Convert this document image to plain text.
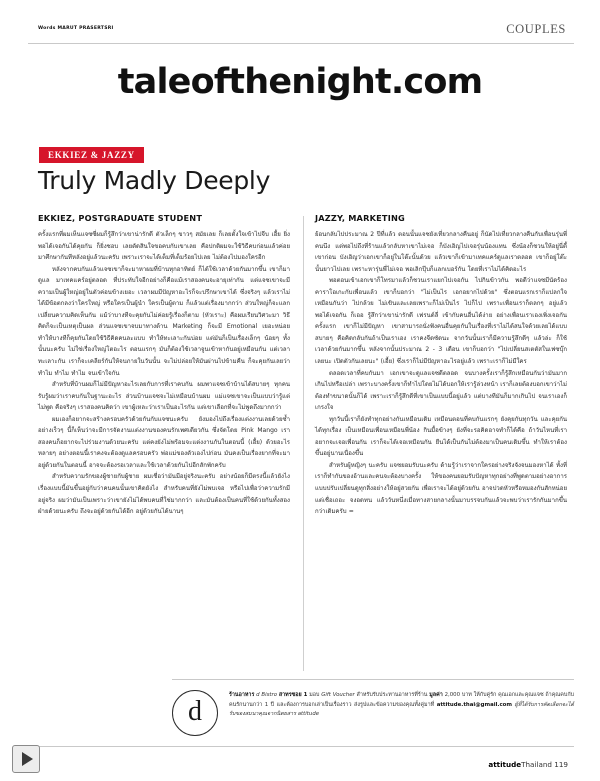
Words MARUT PRASERTSRI	COUPLES
taleofthenight.com
EKKIEZ & JAZZY
Truly Madly Deeply
EKKIEZ, POSTGRADUATE STUDENT

ครั้งแรกที่ผมเห็นแจซซี่ผมก็รู้สึกว่าเขาน่ารักดี ตัวเล็กๆ ขาวๆ สมัยเลย ก็เลยตั้งใจเข้าไปจีบ เอื้ย ยิ่งพอได้เจอกันได้คุยกัน ก็ยิ่งชอบ เลยตัดสินใจขอคบกับเขาเลย คือปกติผมจะใช้วิธีคบก่อนแล้วค่อยมาศึกษากันทีหลังอยู่แล้วนะครับ เพราะเราจะได้เต็มที่เต็มร้อยไปเลย ไม่ต้องไปมองใครอีก

หลังจากคบกันแล้วแจซเขาก็จะมาหาผมที่บ้านทุกอาทิตย์ ก็ได้ใช้เวลาด้วยกันมากขึ้น เขาก็มาดูแล มาเทคแคร์อยู่ตลอด ที่ประทับใจอีกอย่างก็คือแม้เราสองคนจะอายุเท่ากัน แต่แจซเขาจะมีความเป็นผู้ใหญ่อยู่ในตัวค่อนข้างเยอะ เวลาผมมีปัญหาอะไรก็จะปรึกษาเขาได้ ซึ่งจริงๆ แล้วเราไม่ได้มีข้อตกลงว่าใครใหญ่ หรือใครเป็นผู้นำ ใครเป็นผู้ตาม ก็แล้วแต่เรื่องมากกว่า ส่วนใหญ่ก็จะแลกเปลี่ยนความคิดเห็นกัน แม้ว่าบางทีจะคุยกันไม่ค่อยรู้เรื่องก็ตาม (หัวเราะ) คือผมเรียนวิศวะมา วิธีคิดก็จะเป็นเหตุเป็นผล ส่วนแจซเขาจบมาทางด้าน Marketing ก็จะมี Emotional เยอะหน่อย ทำให้บางทีก็คุยกันโดยใช้วิธีคิดคนละแบบ ทำให้ทะเลาะกันบ่อย แต่มันก็เป็นเรื่องเล็กๆ น้อยๆ ทั้งนั้นนะครับ ไม่ใช่เรื่องใหญ่โตอะไร ตอนแรกๆ มันก็ต้องใช้เวลาจูนเข้าหากันอยู่เหมือนกัน แต่เวลาทะเลาะกัน เราก็จะเคลียร์กันให้จบภายในวันนั้น จะไม่ปล่อยให้มันผ่านไปข้ามคืน ก็จะคุยกันเลยว่า ทำไม ทำไม ทำไม จนเข้าใจกัน

สำหรับที่บ้านผมก็ไม่มีปัญหาอะไรเลยกับการที่เราคบกัน ผมพาแจซเข้าบ้านได้สบายๆ ทุกคนรับรู้ผมว่าเราคบกันในฐานะอะไร ส่วนบ้านแจซจะไม่เหมือนบ้านผม แม่แจซเขาจะเป็นแบบว่ารู้แต่ไม่พูด คือจริงๆ เราสองคนคิดว่า เขาผู้เหละว่าเราเป็นอะไรกัน แต่เขาเลือกที่จะไม่พูดถึงมากกว่า

ผมเองก็อยากจะสร้างครอบครัวด้วยกันกับแจซนะครับ ยังมองไปถึงเรื่องแต่งงานเลยด้วยซ้ำ อย่างเร็วๆ นี้ก็เห็นว่าจะมีการจัดงานแต่งงานของคนรักเพศเดียวกัน ซึ่งจัดโดย Pink Mango เราสองคนก็อยากจะไปร่วมงานด้วยนะครับ แต่คงยังไม่พร้อมจะแต่งงานกันในตอนนี้ (เอื้ย) ด้วยอะไรหลายๆ อย่างตอนนี้เราคงจะต้องดูแลครอบครัว พ่อแม่ของตัวเองไปก่อน มันคงเป็นเรื่องยากที่จะมาอยู่ด้วยกันในตอนนี้ อาจจะต้องรอเวลาและใช้เวลาด้วยกันไปอีกสักพักครับ

สำหรับความรักของผู้ชายกับผู้ชาย ผมเชื่อว่ามันมีอยู่จริงนะครับ อย่างน้อยก็มีตรงนี้แล้วยังไง เรื่องแบบนี้มันขึ้นอยู่กับว่าคนคนนั้นเขาคิดยังไง สำหรับคนที่ยังไม่พบเจอ หรือไปเพื่อว่าความรักมีอยู่จริง ผมว่ามันเป็นเพราะว่าเขายังไม่ได้พบคนที่ใช่มากกว่า และมันต้องเป็นคนที่ใช้ด้วยกันทั้งสองฝ่ายด้วยนะครับ ถึงจะอยู่ด้วยกันได้อีก อยู่ด้วยกันได้นานๆ

JAZZY, MARKETING

ย้อนกลับไปประมาณ 2 ปีที่แล้ว ตอนนั้นแจซยังเที่ยวกลางคืนอยู่ ก็นัดไปเที่ยวกลางคืนกับเพื่อนรุ่นพี่คนนึง แต่พอไปถึงที่ร้านแล้วกลับหาเขาไม่เจอ ก็บังเอิญไปเจอรุ่นน้องแทน ซึ่งน้องก็ชวนให้อยู่นี่ตี้เขาก่อน บังเอิญว่าเอกเขาก็อยู่ในโต๊ะนั้นด้วย แล้วเขาก็เข้ามาเทคแคร์ดูแลเราตลอด เขาก็อยู่โต๊ะนั้นยาวไปเลย เพราะหารุ่นพี่ไม่เจอ พอเลิกปุ๊บก็แลกเบอร์กัน โดยที่เราไม่ได้คิดอะไร

พอตอนเข้าเอกเขาก็โทรมาแล้วก็ชวนเราแยกไปเจอกัน ไปกินข้าวกัน พอดีว่าแจซมีนัดร้องคาราโอเกะกับเพื่อนแล้ว เขาก็บอกว่า "ไม่เป็นไร เอกอยากไปด้วย" ซึ่งตอนแรกเราก็แปลกใจเหมือนกันว่า ไปกล้วย ไม่เขินและเลยเพราะก็ไม่เป็นไร ไปก็ไป เพราะเพื่อนเราก็ตลกๆ อยู่แล้ว พอได้เจอกัน ก็เออ รู้สึกว่าเขาน่ารักดี เฟรนด์ลี่ เข้ากับคนอื่นได้ง่าย อย่างเพื่อนเราเองเพิ่งเจอกันครั้งแรก เขาก็ไม่มีปัญหา เขาสามารถนั่งฟังคนอื่นคุยกันในเรื่องที่เราไม่ได้สนใจด้วยเลยได้แบบสบายๆ คือคิดกลับกันถ้าเป็นเราเอง เราคงจีดซัดนะ จากวันนั้นเราก็มีความรู้สึกดีๆ แล้วล่ะ ก็ใช้เวลาด้วยกันมากขึ้น หลังจากนั้นประมาณ 2 - 3 เดือน เขาก็บอกว่า "ไปเปลี่ยนสเตตัสในเฟซบุ๊กเลยนะ เปิดตัวกันเลยนะ" (เอื้ย) ซึ่งเราก็ไม่มีปัญหาอะไรอยู่แล้ว เพราะเราก็ไม่มีใคร

ตลอดเวลาที่คบกันมา เอกเขาจะดูแลแจซดีตลอด จนบางครั้งเราก็รู้สึกเหมือนกันว่ามันมากเกินไปหรือเปล่า เพราะบางครั้งเขาก็ทำไปโดยไม่ได้บอกให้เรารู้ล่วงหน้า เราก็เลยต้องบอกเขาว่าไม่ต้องทำขนาดนั้นก็ได้ เพราะเราก็รู้สึกดีที่เขาเป็นแบบนี้อยู่แล้ว แต่บางทีมันก็มากเกินไป จนเราเองก็เกรงใจ

ทุกวันนี้เราก็ยังทำทุกอย่างกันเหมือนเดิม เหมือนตอนที่คบกันแรกๆ ยังคุยกันทุกวัน และคุยกันได้ทุกเรื่อง เป็นเหมือนเพื่อนเหมือนพี่น้อง กินมื้อข้างๆ ยังที่จะรอคิดอาจทำก็ได้คือ ถ้าวันไหนที่เราอยากจะเจอเพื่อนกัน เราก็จะได้เจอเหมือนกัน ยืนได้เป็นกันไม่ต้องมาเป็นคนเดิมขึ้น ทำให้เราต้องขึ้นอยู่นานเนื่องขึ้น

สำหรับผู้หญิงๆ นะครับ แจซยอมรับนะครับ ด้ามรู้ว่าเราจากใครอย่างจริงจังจนมองหาได้ ทั้งที่เราก็ทำกันของอ้านและคนจะต้องบางครั้ง ให้ของคนยอมรับปัญหาทุกอย่างที่พูดตามอย่างอาการแบบปรับเปลี่ยนดูทุกสิ่งอย่างให้อยู่สวยกัน เพื่อเราจะได้อยู่ด้วยกัน อาจปวดหัวหรือหมองกันสักหน่อย แต่เชื่อเถอะ จงอดทน แล้ววันหนึ่งเมื่อทางสายกลางนั้นมาบรรจบกันแล้วจะพบว่าเรารักกันมากขึ้นกว่าเดิมครับ =

d
ร้านอาหาร d Bistro สาทรซอย 1 มอบ Gift Voucher สำหรับรับประทานอาหารที่ร้าน มูลค่า 2,000 บาท ให้กับคู่รัก คุณเอกและคุณแจซ ถ้าคุณคบกับคนรักนานกว่า 1 ปี และต้องการบอกเล่าเป็นเรื่องราว ส่งรูปและข้อความของคุณทั้งคู่มาที่ attitude.thai@gmail.com ผู้ที่ได้รับการคัดเลือกจะได้รับของสมนาคุณจากนิตยสาร attitude
attitudeThailand 119
